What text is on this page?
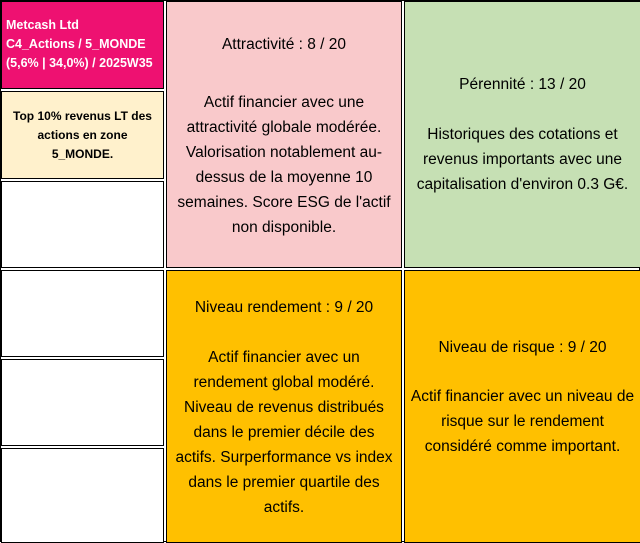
Metcash Ltd
C4_Actions / 5_MONDE
(5,6% | 34,0%) / 2025W35
Top 10% revenus LT des actions en zone 5_MONDE.
Attractivité : 8 / 20
Actif financier avec une attractivité globale modérée. Valorisation notablement au-dessus de la moyenne 10 semaines. Score ESG de l'actif non disponible.
Pérennité : 13 / 20
Historiques des cotations et revenus importants avec une capitalisation d'environ 0.3 G€.
Niveau rendement : 9 / 20
Actif financier avec un rendement global modéré. Niveau de revenus distribués dans le premier décile des actifs. Surperformance vs index dans le premier quartile des actifs.
Niveau de risque : 9 / 20
Actif financier avec un niveau de risque sur le rendement considéré comme important.
